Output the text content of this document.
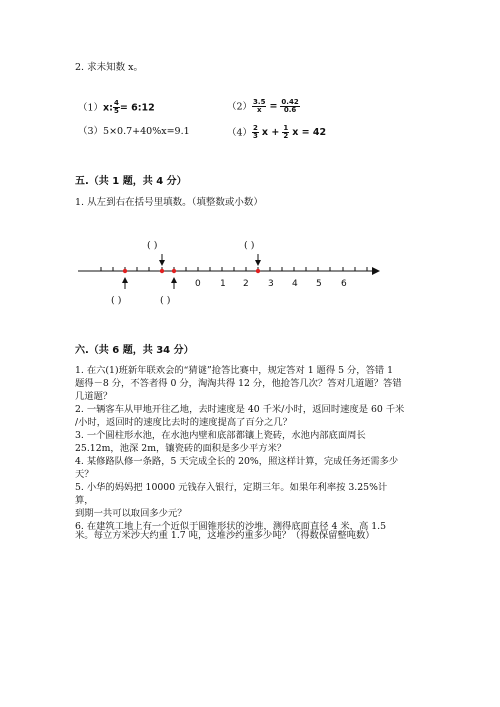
2. 求未知数 x。
（1）x: $\frac{4}{5}$ = 6:12	$(2) \frac{3.5}{x} = \frac{0.42}{0.6}$
（3）5×0.7+40%x=9.1	$(4) \frac{2}{3}$ $x + \frac{1}{2}$ x = 42
五.（共 1 题，共 4 分）
1. 从左到右在括号里填数。（填整数或小数）
( )	( )
( )	( )
0 1 2 3 4 5 6
六.（共 6 题，共 34 分）
1. 在六(1)班新年联欢会的“猜谜”抢答比赛中，规定答对 1 题得 5 分，答错 1
题得－8 分，不答者得 0 分，淘淘共得 12 分，他抢答几次？答对几道题？答错
几道题？
2. 一辆客车从甲地开往乙地，去时速度是 40 千米/小时，返回时速度是 60 千米
/小时，返回时的速度比去时的速度提高了百分之几？
3. 一个圆柱形水池，在水池内壁和底部都镶上瓷砖，水池内部底面周长
25.12m，池深 2m，镶瓷砖的面积是多少平方米？
4. 某修路队修一条路，5 天完成全长的 20%，照这样计算，完成任务还需多少
天？
5. 小华的妈妈把 10000 元钱存入银行，定期三年。如果年利率按 3.25%计算，
到期一共可以取回多少元？
6. 在建筑工地上有一个近似于圆锥形状的沙堆，测得底面直径 4 米，高 1.5
米。每立方米沙大约重 1.7 吨，这堆沙约重多少吨？（得数保留整吨数）
